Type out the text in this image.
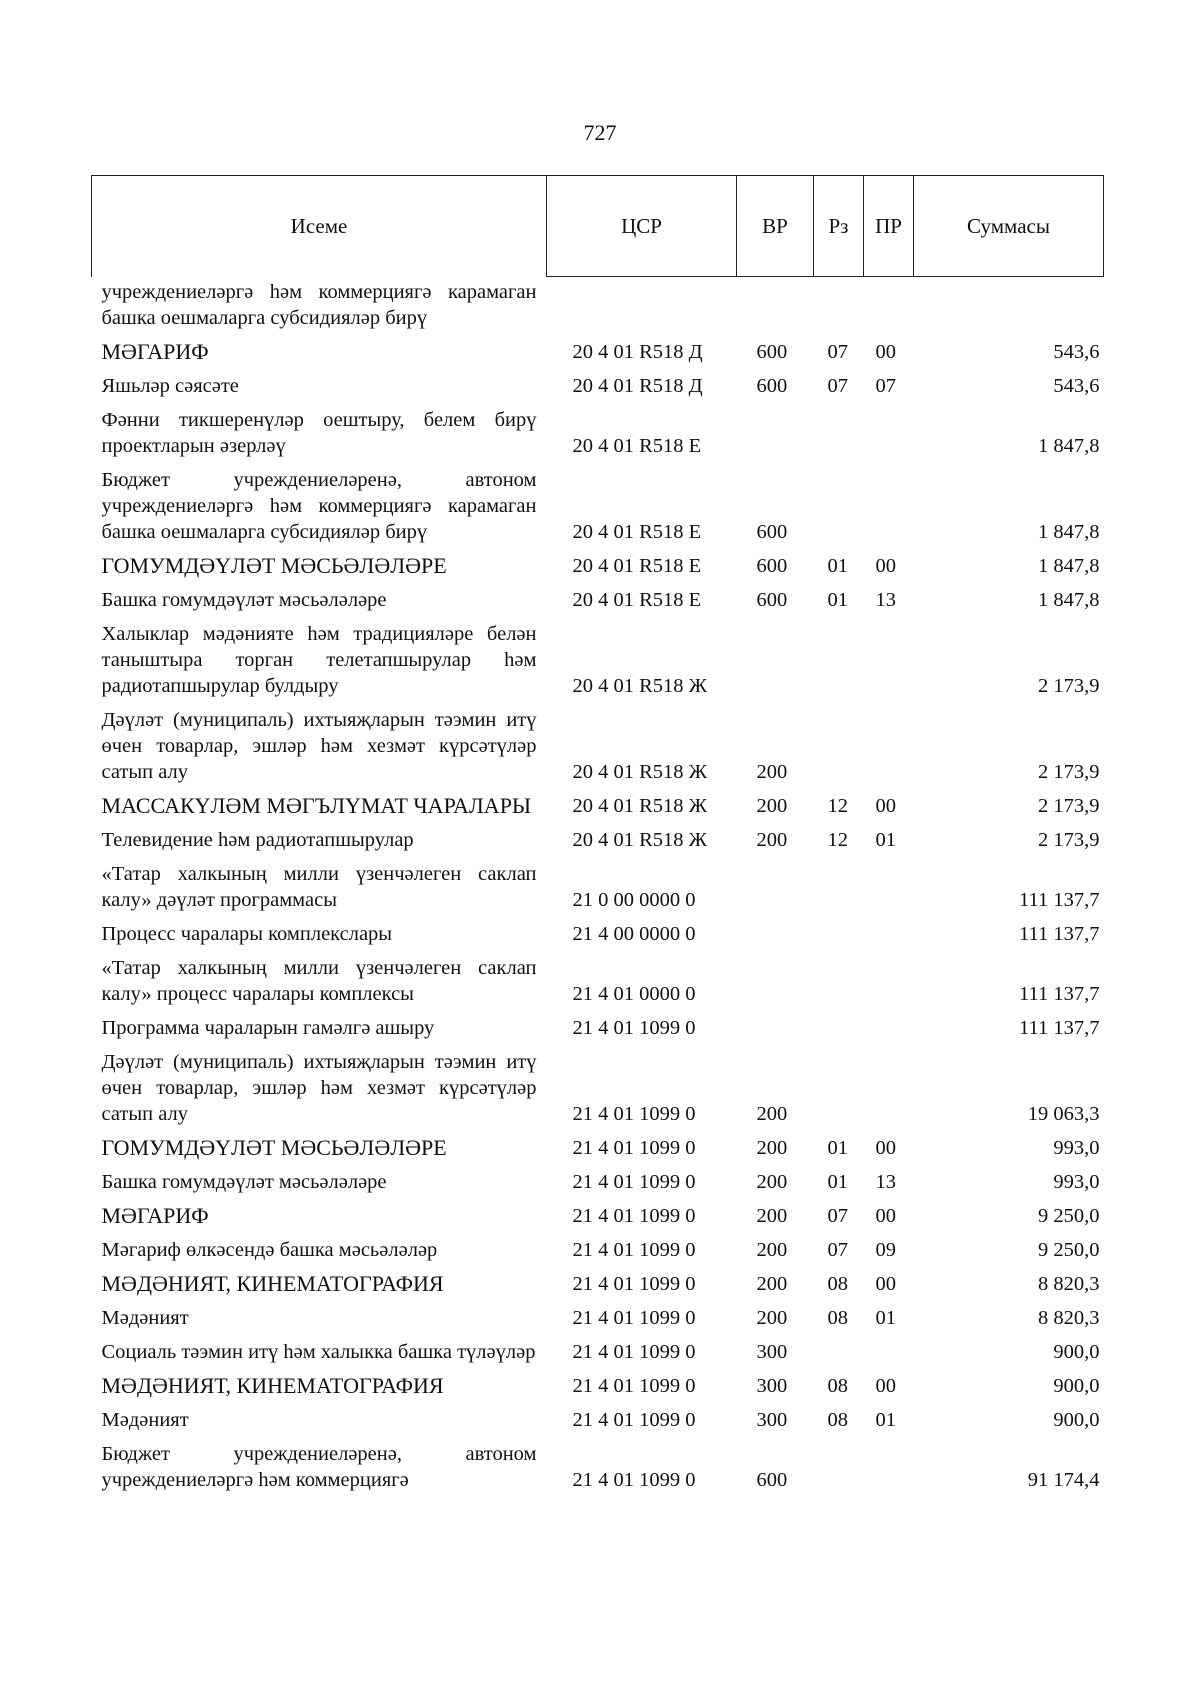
727
Исеме	ЦСР	ВР	Рз	ПР	Суммасы
учреждениеләргә һәм коммерциягә карамаган башка оешмаларга субсидияләр бирү					
МӘГАРИФ	20 4 01 R518 Д	600	07	00	543,6
Яшьләр сәясәте	20 4 01 R518 Д	600	07	07	543,6
Фәнни тикшеренүләр оештыру, белем бирү проектларын әзерләү	20 4 01 R518 Е				1 847,8
Бюджет учреждениеләренә, автоном учреждениеләргә һәм коммерциягә карамаган башка оешмаларга субсидияләр бирү	20 4 01 R518 Е	600			1 847,8
ГОМУМДӘҮЛӘТ МӘСЬӘЛӘЛӘРЕ	20 4 01 R518 Е	600	01	00	1 847,8
Башка гомумдәүләт мәсьәләләре	20 4 01 R518 Е	600	01	13	1 847,8
Халыклар мәдәнияте һәм традицияләре белән таныштыра торган телетапшырулар һәм радиотапшырулар булдыру	20 4 01 R518 Ж				2 173,9
Дәүләт (муниципаль) ихтыяҗларын тәэмин итү өчен товарлар, эшләр һәм хезмәт күрсәтүләр сатып алу	20 4 01 R518 Ж	200			2 173,9
МАССАКҮЛӘМ МӘГЪЛҮМАТ ЧАРАЛАРЫ	20 4 01 R518 Ж	200	12	00	2 173,9
Телевидение һәм радиотапшырулар	20 4 01 R518 Ж	200	12	01	2 173,9
«Татар халкының милли үзенчәлеген саклап калу» дәүләт программасы	21 0 00 0000 0				111 137,7
Процесс чаралары комплекслары	21 4 00 0000 0				111 137,7
«Татар халкының милли үзенчәлеген саклап калу» процесс чаралары комплексы	21 4 01 0000 0				111 137,7
Программа чараларын гамәлгә ашыру	21 4 01 1099 0				111 137,7
Дәүләт (муниципаль) ихтыяҗларын тәэмин итү өчен товарлар, эшләр һәм хезмәт күрсәтүләр сатып алу	21 4 01 1099 0	200			19 063,3
ГОМУМДӘҮЛӘТ МӘСЬӘЛӘЛӘРЕ	21 4 01 1099 0	200	01	00	993,0
Башка гомумдәүләт мәсьәләләре	21 4 01 1099 0	200	01	13	993,0
МӘГАРИФ	21 4 01 1099 0	200	07	00	9 250,0
Мәгариф өлкәсендә башка мәсьәләләр	21 4 01 1099 0	200	07	09	9 250,0
МӘДӘНИЯТ, КИНЕМАТОГРАФИЯ	21 4 01 1099 0	200	08	00	8 820,3
Мәдәният	21 4 01 1099 0	200	08	01	8 820,3
Социаль тәэмин итү һәм халыкка башка түләүләр	21 4 01 1099 0	300			900,0
МӘДӘНИЯТ, КИНЕМАТОГРАФИЯ	21 4 01 1099 0	300	08	00	900,0
Мәдәният	21 4 01 1099 0	300	08	01	900,0
Бюджет учреждениеләренә, автоном учреждениеләргә һәм коммерциягә	21 4 01 1099 0	600			91 174,4
